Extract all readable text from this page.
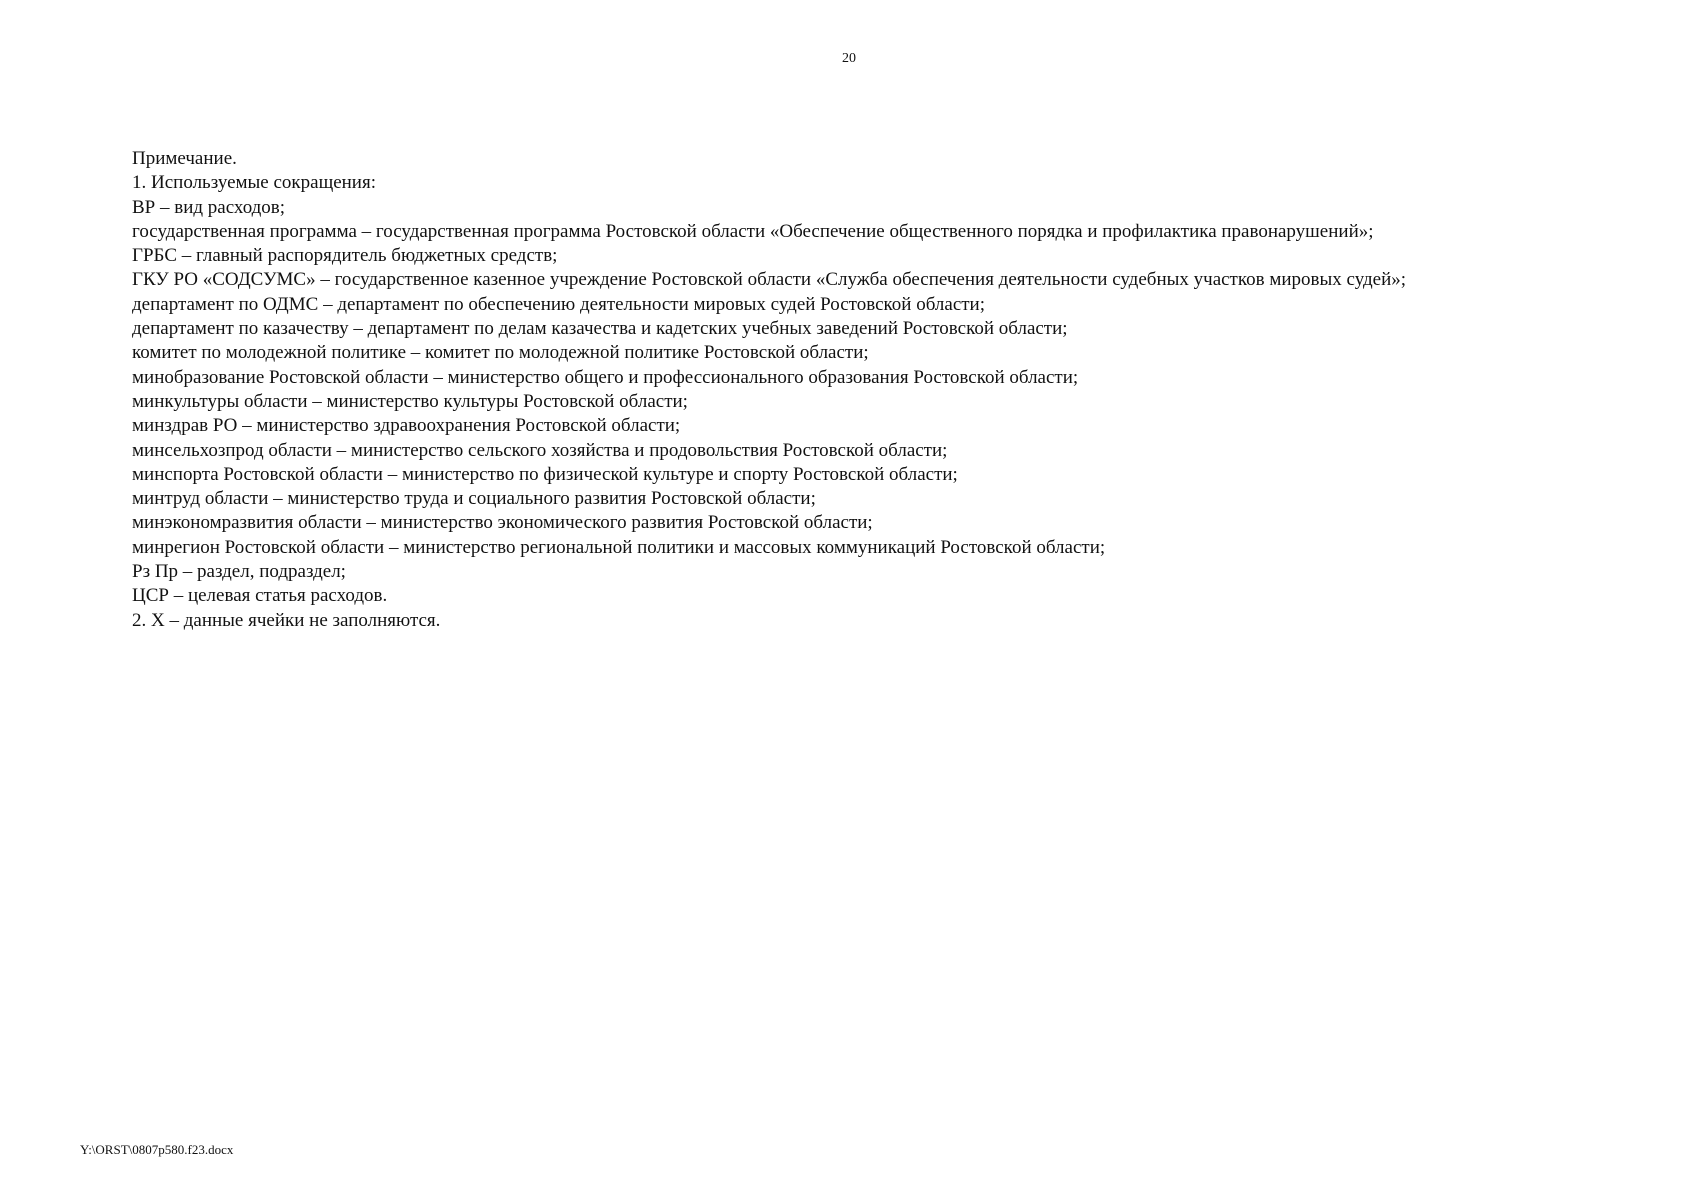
20
Примечание.
1. Используемые сокращения:
ВР – вид расходов;
государственная программа – государственная программа Ростовской области «Обеспечение общественного порядка и профилактика правонарушений»;
ГРБС – главный распорядитель бюджетных средств;
ГКУ РО «СОДСУМС» – государственное казенное учреждение Ростовской области «Служба обеспечения деятельности судебных участков мировых судей»;
департамент по ОДМС – департамент по обеспечению деятельности мировых судей Ростовской области;
департамент по казачеству – департамент по делам казачества и кадетских учебных заведений Ростовской области;
комитет по молодежной политике – комитет по молодежной политике Ростовской области;
минобразование Ростовской области – министерство общего и профессионального образования Ростовской области;
минкультуры области – министерство культуры Ростовской области;
минздрав РО – министерство здравоохранения Ростовской области;
минсельхозпрод области – министерство сельского хозяйства и продовольствия Ростовской области;
минспорта Ростовской области – министерство по физической культуре и спорту Ростовской области;
минтруд области – министерство труда и социального развития Ростовской области;
минэкономразвития области – министерство экономического развития Ростовской области;
минрегион Ростовской области – министерство региональной политики и массовых коммуникаций Ростовской области;
Рз Пр – раздел, подраздел;
ЦСР – целевая статья расходов.
2. Х – данные ячейки не заполняются.
Y:\ORST\0807p580.f23.docx
